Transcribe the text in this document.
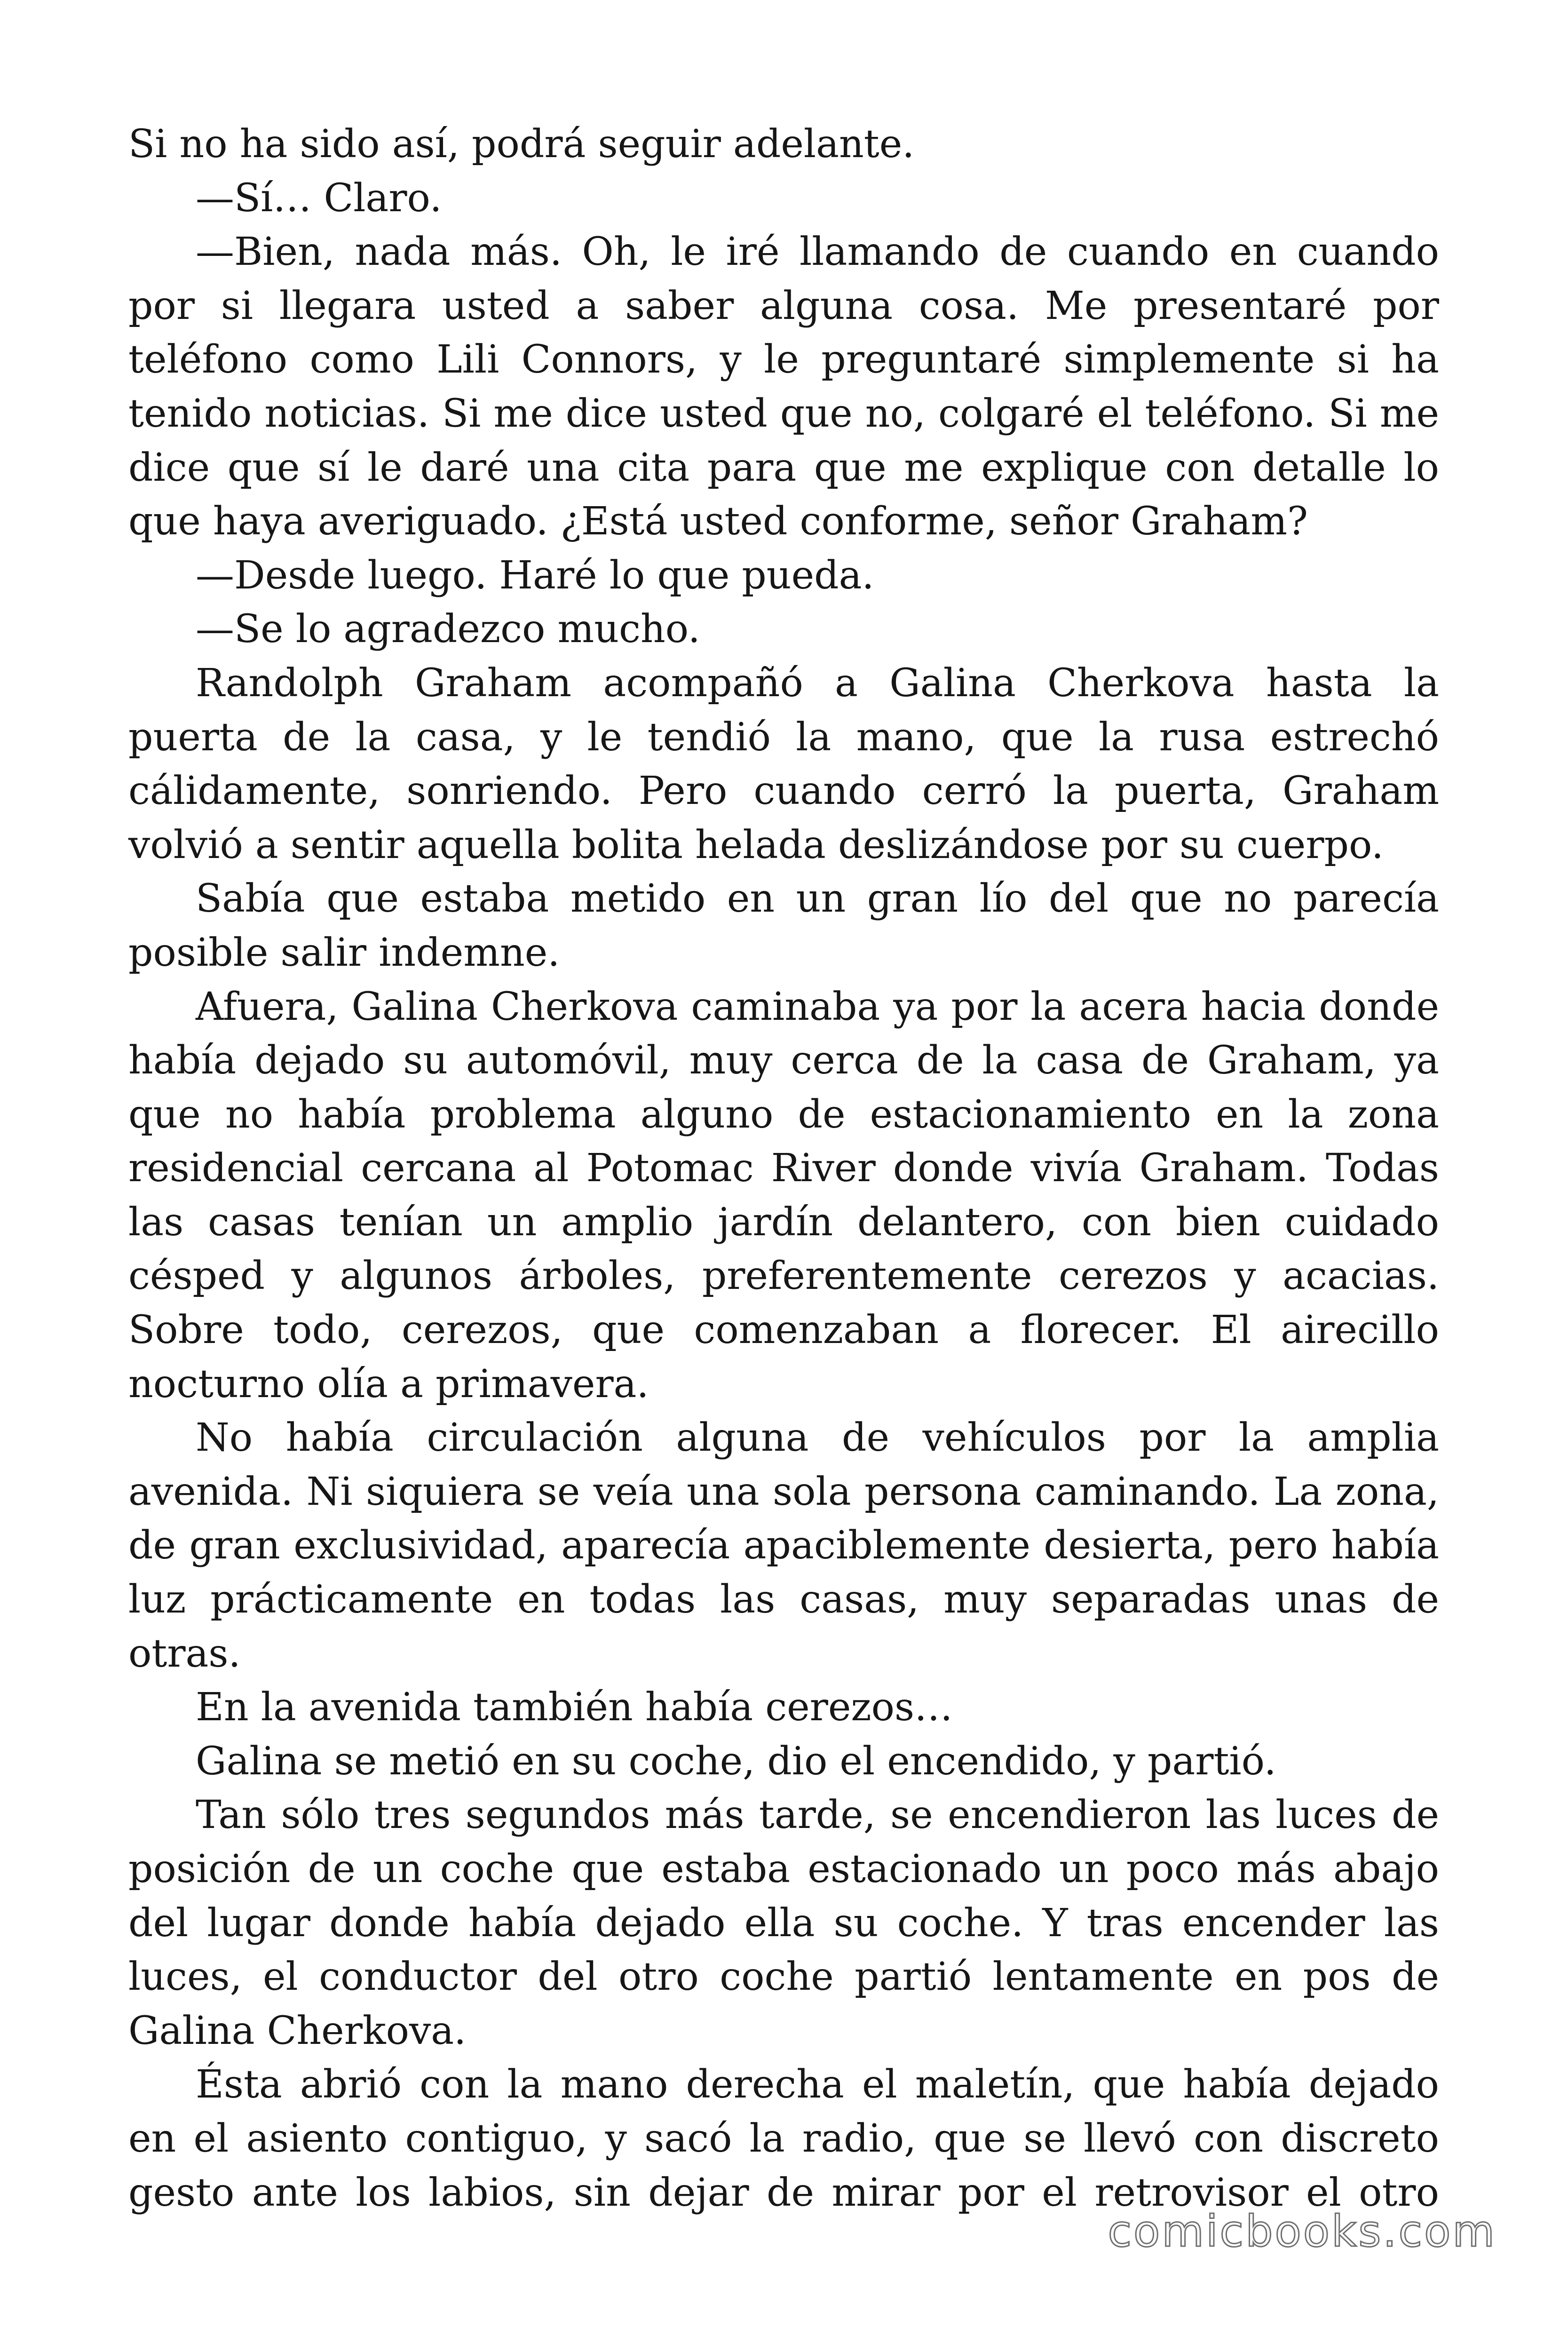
Si no ha sido así, podrá seguir adelante.

—Sí… Claro.

—Bien, nada más. Oh, le iré llamando de cuando en cuando por si llegara usted a saber alguna cosa. Me presentaré por teléfono como Lili Connors, y le preguntaré simplemente si ha tenido noticias. Si me dice usted que no, colgaré el teléfono. Si me dice que sí le daré una cita para que me explique con detalle lo que haya averiguado. ¿Está usted conforme, señor Graham?

—Desde luego. Haré lo que pueda.

—Se lo agradezco mucho.

Randolph Graham acompañó a Galina Cherkova hasta la puerta de la casa, y le tendió la mano, que la rusa estrechó cálidamente, sonriendo. Pero cuando cerró la puerta, Graham volvió a sentir aquella bolita helada deslizándose por su cuerpo.

Sabía que estaba metido en un gran lío del que no parecía posible salir indemne.

Afuera, Galina Cherkova caminaba ya por la acera hacia donde había dejado su automóvil, muy cerca de la casa de Graham, ya que no había problema alguno de estacionamiento en la zona residencial cercana al Potomac River donde vivía Graham. Todas las casas tenían un amplio jardín delantero, con bien cuidado césped y algunos árboles, preferentemente cerezos y acacias. Sobre todo, cerezos, que comenzaban a florecer. El airecillo nocturno olía a primavera.

No había circulación alguna de vehículos por la amplia avenida. Ni siquiera se veía una sola persona caminando. La zona, de gran exclusividad, aparecía apaciblemente desierta, pero había luz prácticamente en todas las casas, muy separadas unas de otras.

En la avenida también había cerezos…

Galina se metió en su coche, dio el encendido, y partió.

Tan sólo tres segundos más tarde, se encendieron las luces de posición de un coche que estaba estacionado un poco más abajo del lugar donde había dejado ella su coche. Y tras encender las luces, el conductor del otro coche partió lentamente en pos de Galina Cherkova.

Ésta abrió con la mano derecha el maletín, que había dejado en el asiento contiguo, y sacó la radio, que se llevó con discreto gesto ante los labios, sin dejar de mirar por el retrovisor el otro

comicbooks.com
